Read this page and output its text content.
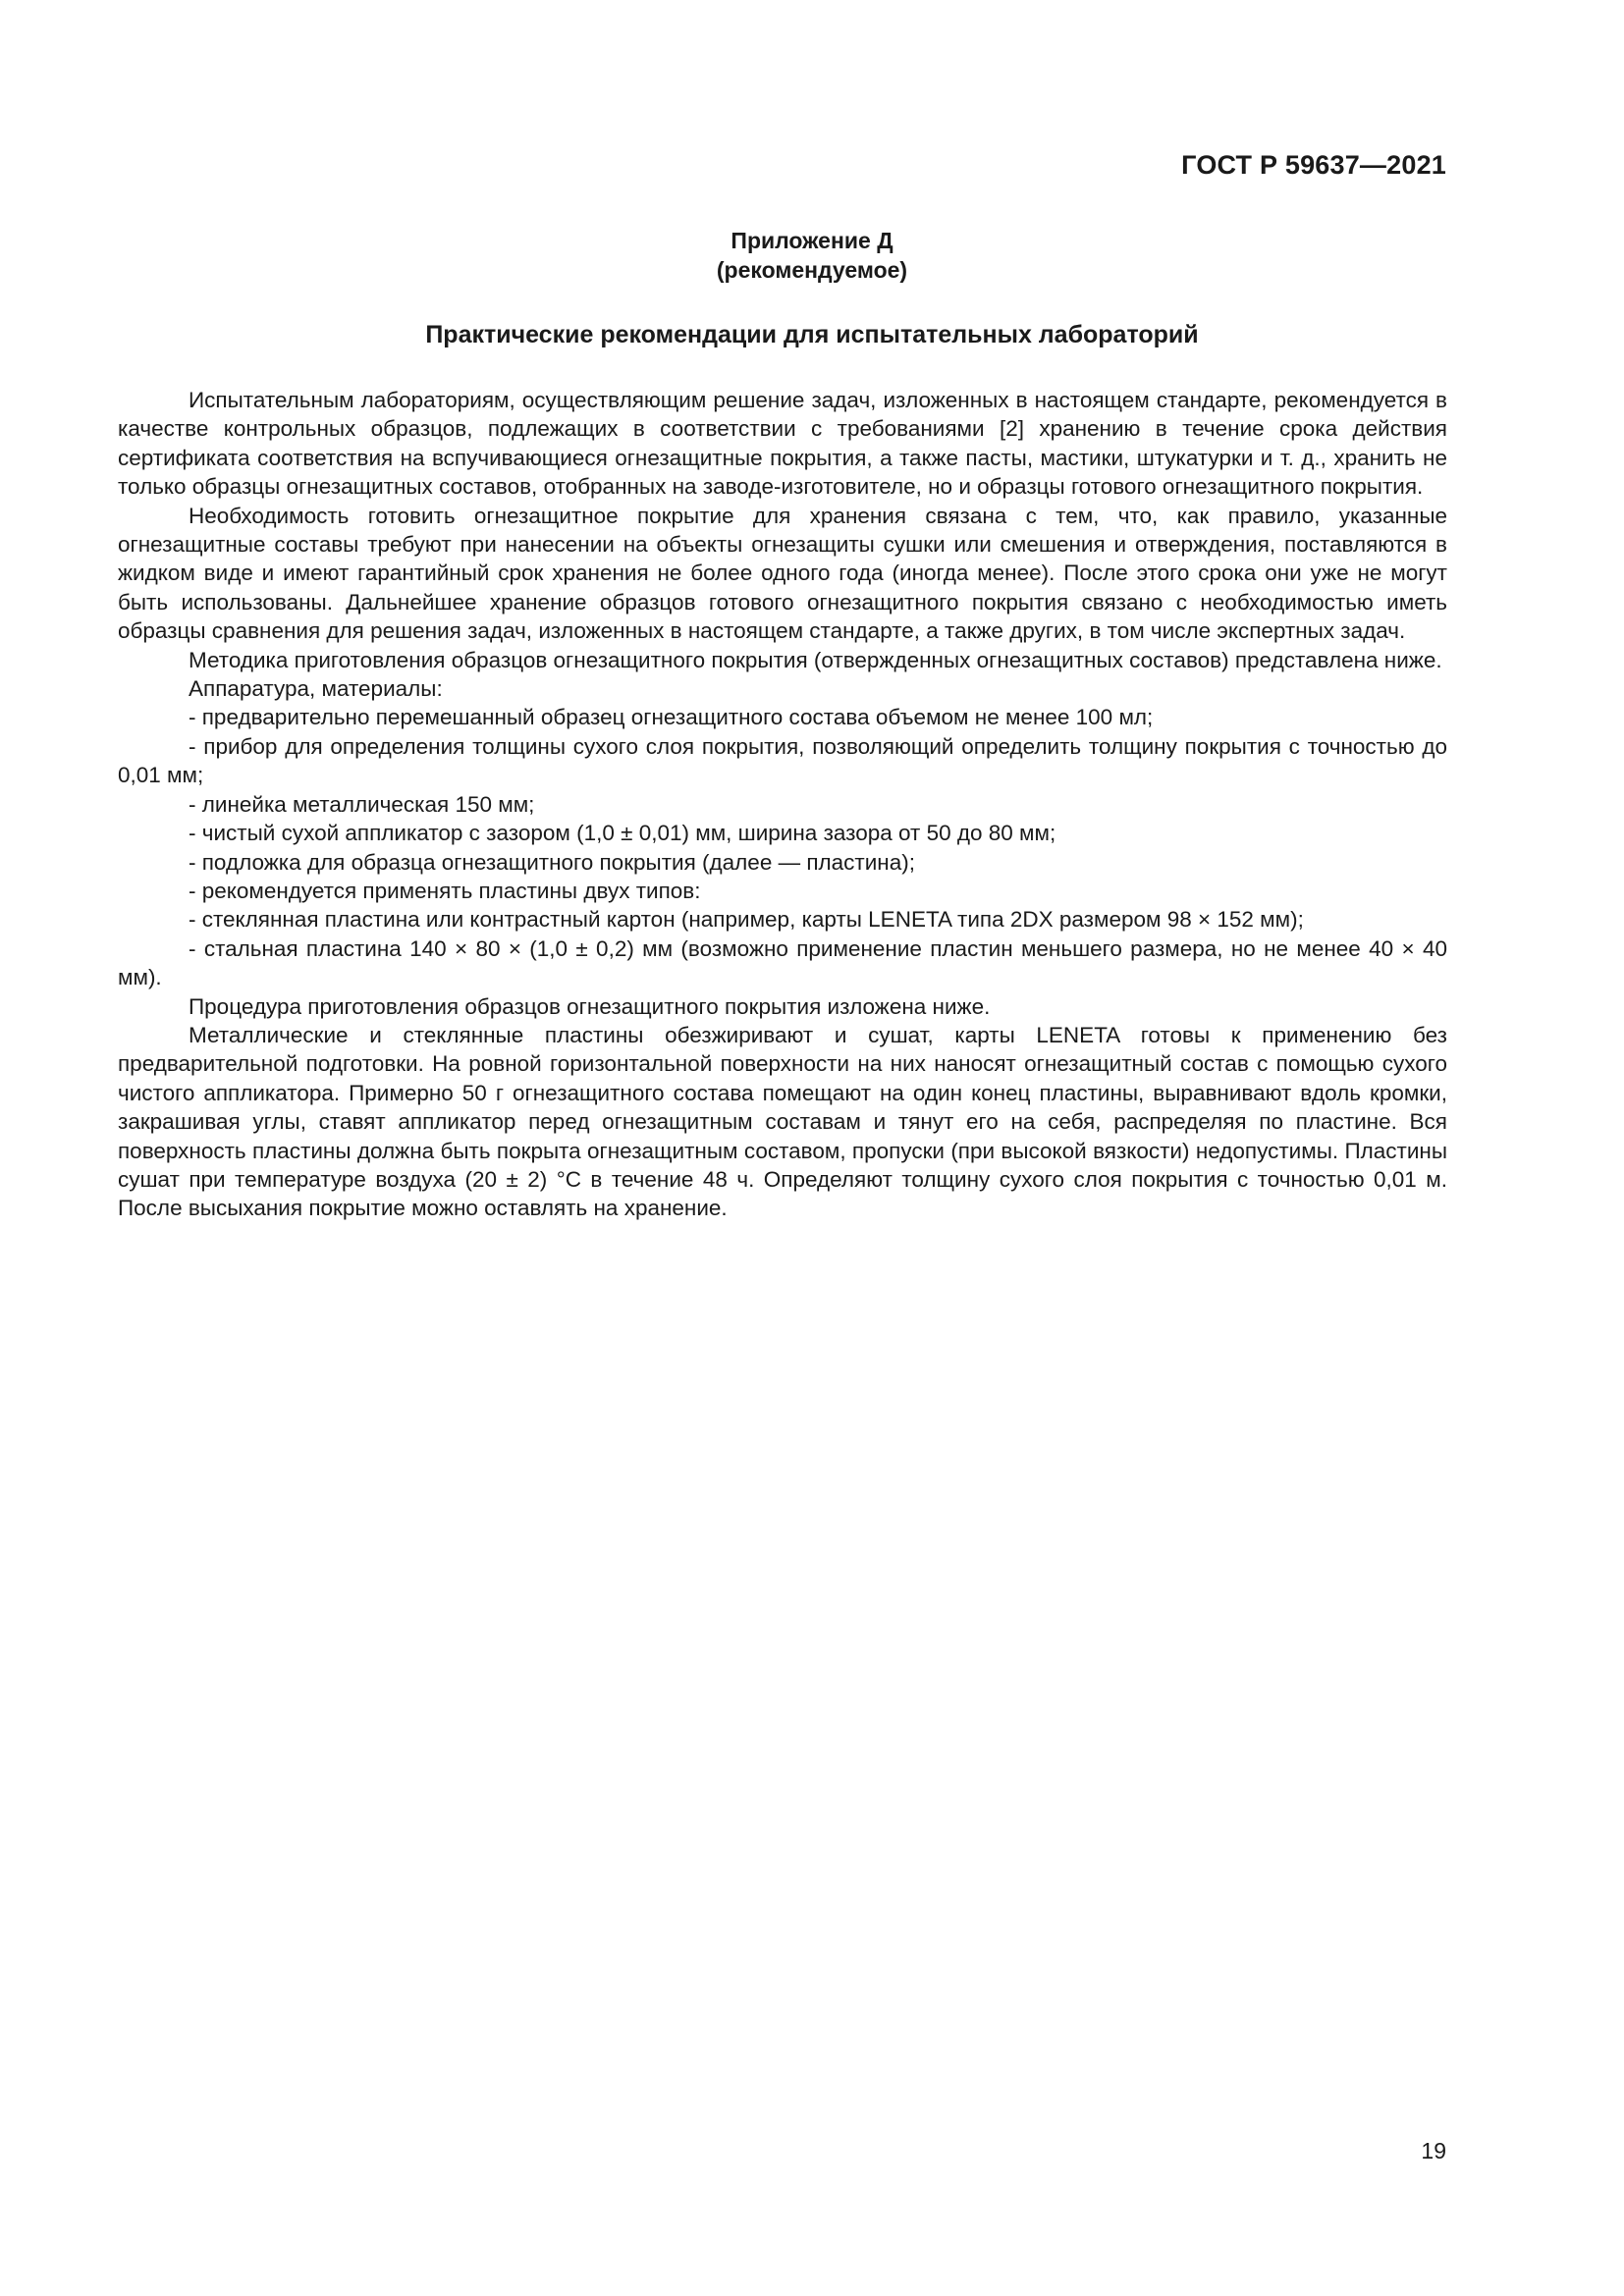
ГОСТ Р 59637—2021

Приложение Д
(рекомендуемое)
Практические рекомендации для испытательных лабораторий

Испытательным лабораториям, осуществляющим решение задач, изложенных в настоящем стандарте, рекомендуется в качестве контрольных образцов, подлежащих в соответствии с требованиями [2] хранению в течение срока действия сертификата соответствия на вспучивающиеся огнезащитные покрытия, а также пасты, мастики, штукатурки и т. д., хранить не только образцы огнезащитных составов, отобранных на заводе-изготовителе, но и образцы готового огнезащитного покрытия.

Необходимость готовить огнезащитное покрытие для хранения связана с тем, что, как правило, указанные огнезащитные составы требуют при нанесении на объекты огнезащиты сушки или смешения и отверждения, поставляются в жидком виде и имеют гарантийный срок хранения не более одного года (иногда менее). После этого срока они уже не могут быть использованы. Дальнейшее хранение образцов готового огнезащитного покрытия связано с необходимостью иметь образцы сравнения для решения задач, изложенных в настоящем стандарте, а также других, в том числе экспертных задач.

Методика приготовления образцов огнезащитного покрытия (отвержденных огнезащитных составов) представлена ниже.

Аппаратура, материалы:

- предварительно перемешанный образец огнезащитного состава объемом не менее 100 мл;

- прибор для определения толщины сухого слоя покрытия, позволяющий определить толщину покрытия с точностью до 0,01 мм;

- линейка металлическая 150 мм;

- чистый сухой аппликатор с зазором (1,0 ± 0,01) мм, ширина зазора от 50 до 80 мм;

- подложка для образца огнезащитного покрытия (далее — пластина);

- рекомендуется применять пластины двух типов:

- стеклянная пластина или контрастный картон (например, карты LENETA типа 2DX размером 98 × 152 мм);

- стальная пластина 140 × 80 × (1,0 ± 0,2) мм (возможно применение пластин меньшего размера, но не менее 40 × 40 мм).

Процедура приготовления образцов огнезащитного покрытия изложена ниже.

Металлические и стеклянные пластины обезжиривают и сушат, карты LENETA готовы к применению без предварительной подготовки. На ровной горизонтальной поверхности на них наносят огнезащитный состав с помощью сухого чистого аппликатора. Примерно 50 г огнезащитного состава помещают на один конец пластины, выравнивают вдоль кромки, закрашивая углы, ставят аппликатор перед огнезащитным составам и тянут его на себя, распределяя по пластине. Вся поверхность пластины должна быть покрыта огнезащитным составом, пропуски (при высокой вязкости) недопустимы. Пластины сушат при температуре воздуха (20 ± 2) °С в течение 48 ч. Определяют толщину сухого слоя покрытия с точностью 0,01 м. После высыхания покрытие можно оставлять на хранение.

19
